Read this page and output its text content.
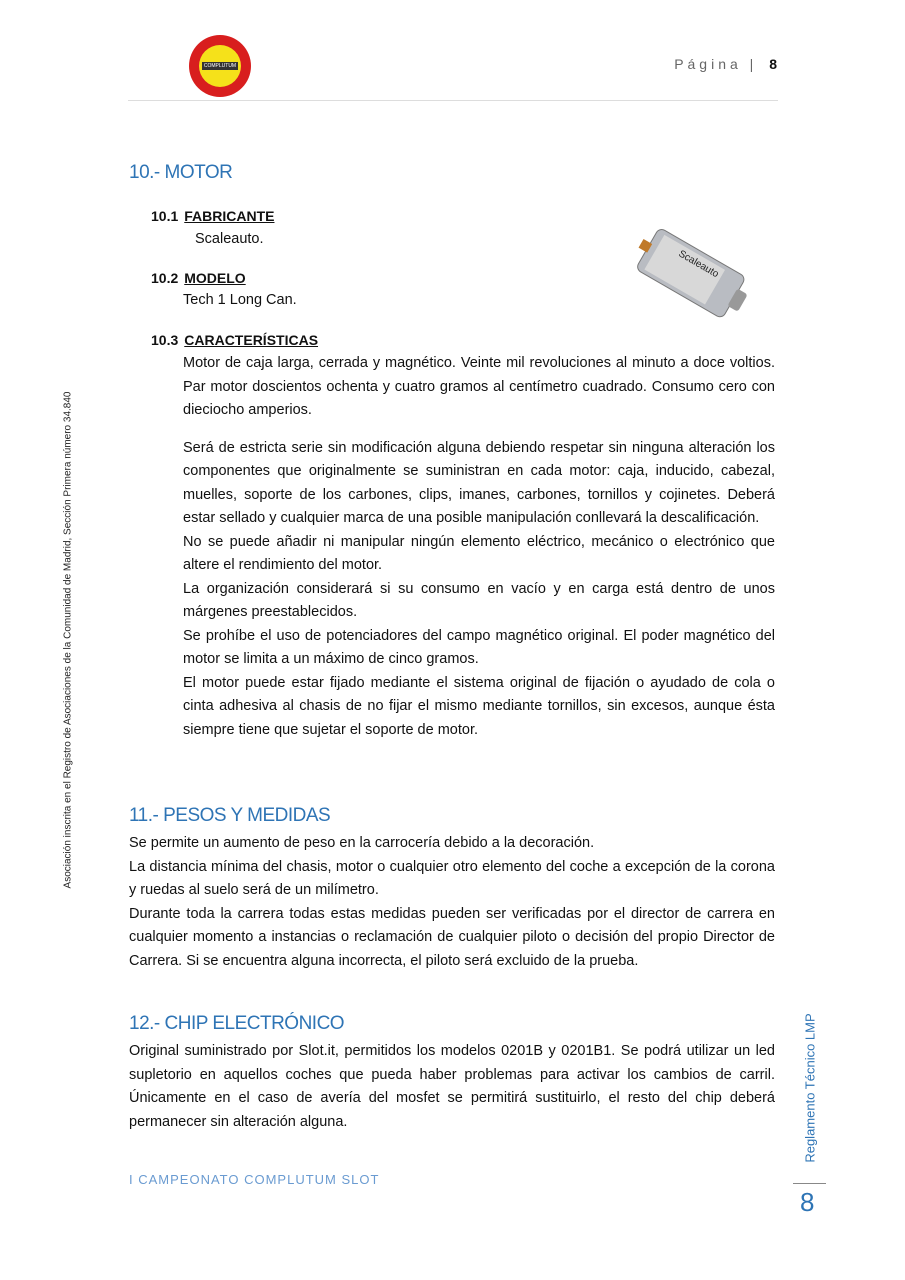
COMPLUTUM	Página | 8
Asociación inscrita en el Registro de Asociaciones de la Comunidad de Madrid, Sección Primera número 34.840
10.- MOTOR
10.1 FABRICANTE
Scaleauto.
10.2 MODELO
Tech 1 Long Can.
10.3 CARACTERÍSTICAS
Scaleauto

Motor de caja larga, cerrada y magnético. Veinte mil revoluciones al minuto a doce voltios. Par motor doscientos ochenta y cuatro gramos al centímetro cuadrado. Consumo cero con dieciocho amperios.

Será de estricta serie sin modificación alguna debiendo respetar sin ninguna alteración los componentes que originalmente se suministran en cada motor: caja, inducido, cabezal, muelles, soporte de los carbones, clips, imanes, carbones, tornillos y cojinetes. Deberá estar sellado y cualquier marca de una posible manipulación conllevará la descalificación.

No se puede añadir ni manipular ningún elemento eléctrico, mecánico o electrónico que altere el rendimiento del motor.

La organización considerará si su consumo en vacío y en carga está dentro de unos márgenes preestablecidos.

Se prohíbe el uso de potenciadores del campo magnético original. El poder magnético del motor se limita a un máximo de cinco gramos.

El motor puede estar fijado mediante el sistema original de fijación o ayudado de cola o cinta adhesiva al chasis de no fijar el mismo mediante tornillos, sin excesos, aunque ésta siempre tiene que sujetar el soporte de motor.

11.- PESOS Y MEDIDAS

Se permite un aumento de peso en la carrocería debido a la decoración.

La distancia mínima del chasis, motor o cualquier otro elemento del coche a excepción de la corona y ruedas al suelo será de un milímetro.

Durante toda la carrera todas estas medidas pueden ser verificadas por el director de carrera en cualquier momento a instancias o reclamación de cualquier piloto o decisión del propio Director de Carrera. Si se encuentra alguna incorrecta, el piloto será excluido de la prueba.

12.- CHIP ELECTRÓNICO

Original suministrado por Slot.it, permitidos los modelos 0201B y 0201B1. Se podrá utilizar un led supletorio en aquellos coches que pueda haber problemas para activar los cambios de carril. Únicamente en el caso de avería del mosfet se permitirá sustituirlo, el resto del chip deberá permanecer sin alteración alguna.

I CAMPEONATO COMPLUTUM SLOT
Reglamento Técnico LMP
8
